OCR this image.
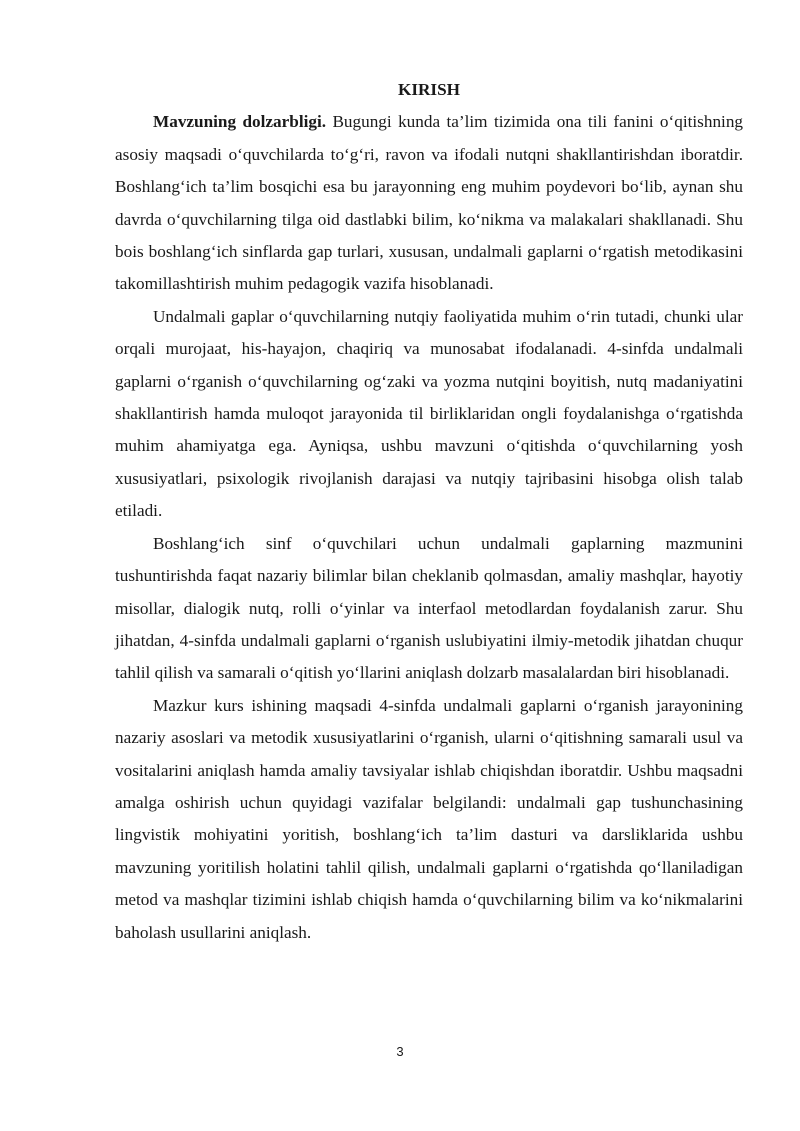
KIRISH

Mavzuning dolzarbligi. Bugungi kunda ta’lim tizimida ona tili fanini o‘qitishning asosiy maqsadi o‘quvchilarda to‘g‘ri, ravon va ifodali nutqni shakllantirishdan iboratdir. Boshlang‘ich ta’lim bosqichi esa bu jarayonning eng muhim poydevori bo‘lib, aynan shu davrda o‘quvchilarning tilga oid dastlabki bilim, ko‘nikma va malakalari shakllanadi. Shu bois boshlang‘ich sinflarda gap turlari, xususan, undalmali gaplarni o‘rgatish metodikasini takomillashtirish muhim pedagogik vazifa hisoblanadi.

Undalmali gaplar o‘quvchilarning nutqiy faoliyatida muhim o‘rin tutadi, chunki ular orqali murojaat, his-hayajon, chaqiriq va munosabat ifodalanadi. 4-sinfda undalmali gaplarni o‘rganish o‘quvchilarning og‘zaki va yozma nutqini boyitish, nutq madaniyatini shakllantirish hamda muloqot jarayonida til birliklaridan ongli foydalanishga o‘rgatishda muhim ahamiyatga ega. Ayniqsa, ushbu mavzuni o‘qitishda o‘quvchilarning yosh xususiyatlari, psixologik rivojlanish darajasi va nutqiy tajribasini hisobga olish talab etiladi.

Boshlang‘ich sinf o‘quvchilari uchun undalmali gaplarning mazmunini tushuntirishda faqat nazariy bilimlar bilan cheklanib qolmasdan, amaliy mashqlar, hayotiy misollar, dialogik nutq, rolli o‘yinlar va interfaol metodlardan foydalanish zarur. Shu jihatdan, 4-sinfda undalmali gaplarni o‘rganish uslubiyatini ilmiy-metodik jihatdan chuqur tahlil qilish va samarali o‘qitish yo‘llarini aniqlash dolzarb masalalardan biri hisoblanadi.

Mazkur kurs ishining maqsadi 4-sinfda undalmali gaplarni o‘rganish jarayonining nazariy asoslari va metodik xususiyatlarini o‘rganish, ularni o‘qitishning samarali usul va vositalarini aniqlash hamda amaliy tavsiyalar ishlab chiqishdan iboratdir. Ushbu maqsadni amalga oshirish uchun quyidagi vazifalar belgilandi: undalmali gap tushunchasining lingvistik mohiyatini yoritish, boshlang‘ich ta’lim dasturi va darsliklarida ushbu mavzuning yoritilish holatini tahlil qilish, undalmali gaplarni o‘rgatishda qo‘llaniladigan metod va mashqlar tizimini ishlab chiqish hamda o‘quvchilarning bilim va ko‘nikmalarini baholash usullarini aniqlash.

3
